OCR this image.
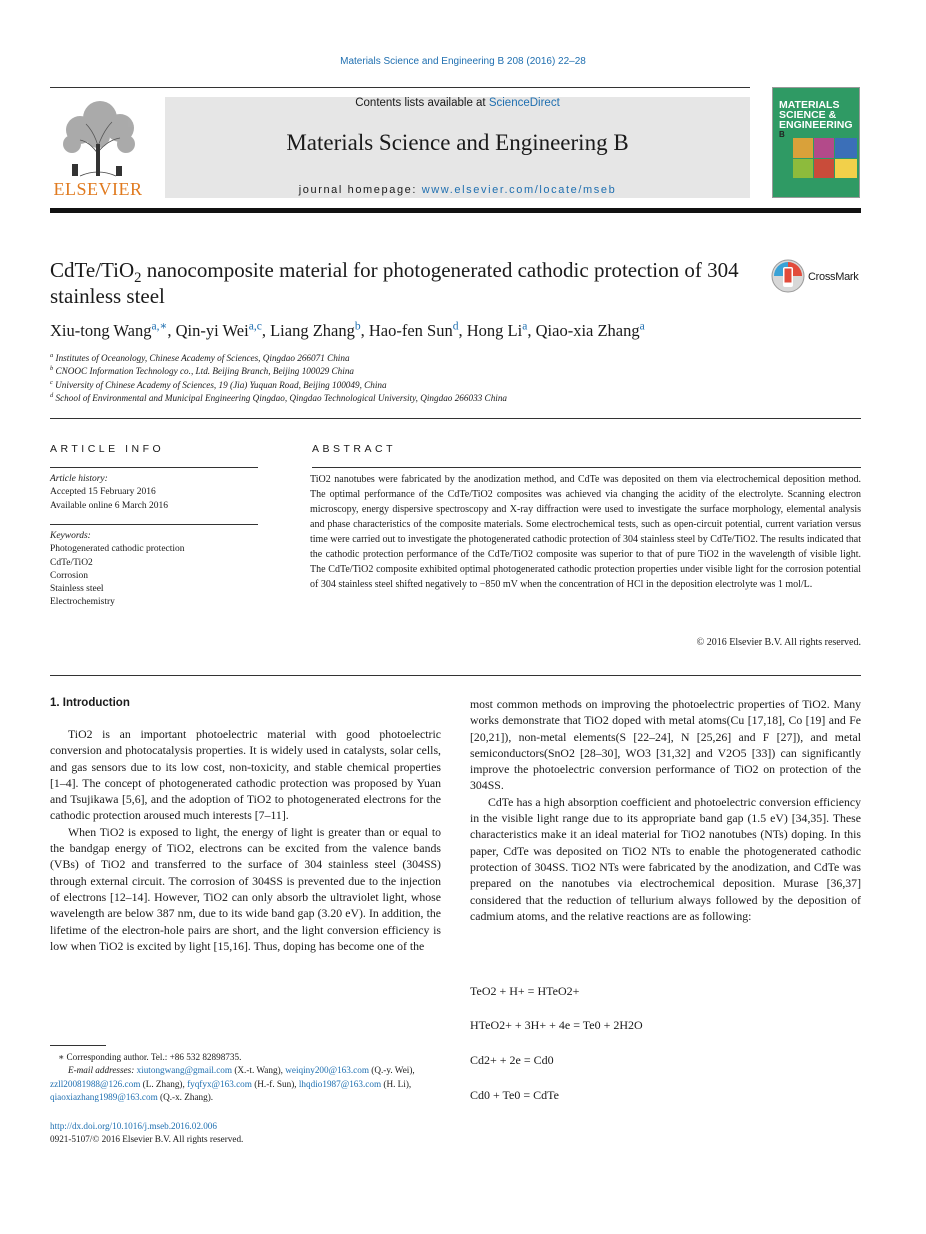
Materials Science and Engineering B 208 (2016) 22–28
ELSEVIER
Contents lists available at ScienceDirect
Materials Science and Engineering B
journal homepage: www.elsevier.com/locate/mseb
MATERIALS
SCIENCE &
ENGINEERING
B
CdTe/TiO$_2$ nanocomposite material for photogenerated cathodic protection of 304 stainless steel
CrossMark
Xiu-tong Wang$^{a,∗}$, Qin-yi Wei$^{a,c}$, Liang Zhang$^b$, Hao-fen Sun$^d$, Hong Li$^a$, Qiao-xia Zhang$^a$
$^a$ Institutes of Oceanology, Chinese Academy of Sciences, Qingdao 266071 China
$^b$ CNOOC Information Technology co., Ltd. Beijing Branch, Beijing 100029 China
$^c$ University of Chinese Academy of Sciences, 19 (Jia) Yuquan Road, Beijing 100049, China
$^d$ School of Environmental and Municipal Engineering Qingdao, Qingdao Technological University, Qingdao 266033 China
ARTICLE INFO	ABSTRACT
Article history:
Accepted 15 February 2016
Available online 6 March 2016
Keywords:
Photogenerated cathodic protection
CdTe/TiO2
Corrosion
Stainless steel
Electrochemistry
TiO2 nanotubes were fabricated by the anodization method, and CdTe was deposited on them via electrochemical deposition method. The optimal performance of the CdTe/TiO2 composites was achieved via changing the acidity of the electrolyte. Scanning electron microscopy, energy dispersive spectroscopy and X-ray diffraction were used to investigate the surface morphology, elemental analysis and phase characteristics of the composite materials. Some electrochemical tests, such as open-circuit potential, current variation versus time were carried out to investigate the photogenerated cathodic protection of 304 stainless steel by CdTe/TiO2. The results indicated that the cathodic protection performance of the CdTe/TiO2 composite was superior to that of pure TiO2 in the wavelength of visible light. The CdTe/TiO2 composite exhibited optimal photogenerated cathodic protection properties under visible light for the corrosion potential of 304 stainless steel shifted negatively to −850 mV when the concentration of HCl in the deposition electrolyte was 1 mol/L.
© 2016 Elsevier B.V. All rights reserved.
1. Introduction

TiO2 is an important photoelectric material with good photoelectric conversion and photocatalysis properties. It is widely used in catalysts, solar cells, and gas sensors due to its low cost, non-toxicity, and stable chemical properties [1–4]. The concept of photogenerated cathodic protection was proposed by Yuan and Tsujikawa [5,6], and the adoption of TiO2 to photogenerated electrons for the cathodic protection aroused much interests [7–11].

When TiO2 is exposed to light, the energy of light is greater than or equal to the bandgap energy of TiO2, electrons can be excited from the valence bands (VBs) of TiO2 and transferred to the surface of 304 stainless steel (304SS) through external circuit. The corrosion of 304SS is prevented due to the injection of electrons [12–14]. However, TiO2 can only absorb the ultraviolet light, whose wavelength are below 387 nm, due to its wide band gap (3.20 eV). In addition, the lifetime of the electron-hole pairs are short, and the light conversion efficiency is low when TiO2 is excited by light [15,16]. Thus, doping has become one of the

most common methods on improving the photoelectric properties of TiO2. Many works demonstrate that TiO2 doped with metal atoms(Cu [17,18], Co [19] and Fe [20,21]), non-metal elements(S [22–24], N [25,26] and F [27]), and metal semiconductors(SnO2 [28–30], WO3 [31,32] and V2O5 [33]) can significantly improve the photoelectric conversion performance of TiO2 on protection of the 304SS.

CdTe has a high absorption coefficient and photoelectric conversion efficiency in the visible light range due to its appropriate band gap (1.5 eV) [34,35]. These characteristics make it an ideal material for TiO2 nanotubes (NTs) doping. In this paper, CdTe was deposited on TiO2 NTs to enable the photogenerated cathodic protection of 304SS. TiO2 NTs were fabricated by the anodization, and CdTe was prepared on the nanotubes via electrochemical deposition. Murase [36,37] considered that the reduction of tellurium always followed by the deposition of cadmium atoms, and the relative reactions are as following:

TeO2 + H+ = HTeO2+
HTeO2+ + 3H+ + 4e = Te0 + 2H2O
Cd2+ + 2e = Cd0
Cd0 + Te0 = CdTe
∗ Corresponding author. Tel.: +86 532 82898735.
E-mail addresses: xiutongwang@gmail.com (X.-t. Wang), weiqiny200@163.com (Q.-y. Wei), zzll20081988@126.com (L. Zhang), fyqfyx@163.com (H.-f. Sun), lhqdio1987@163.com (H. Li), qiaoxiazhang1989@163.com (Q.-x. Zhang).
http://dx.doi.org/10.1016/j.mseb.2016.02.006
0921-5107/© 2016 Elsevier B.V. All rights reserved.
